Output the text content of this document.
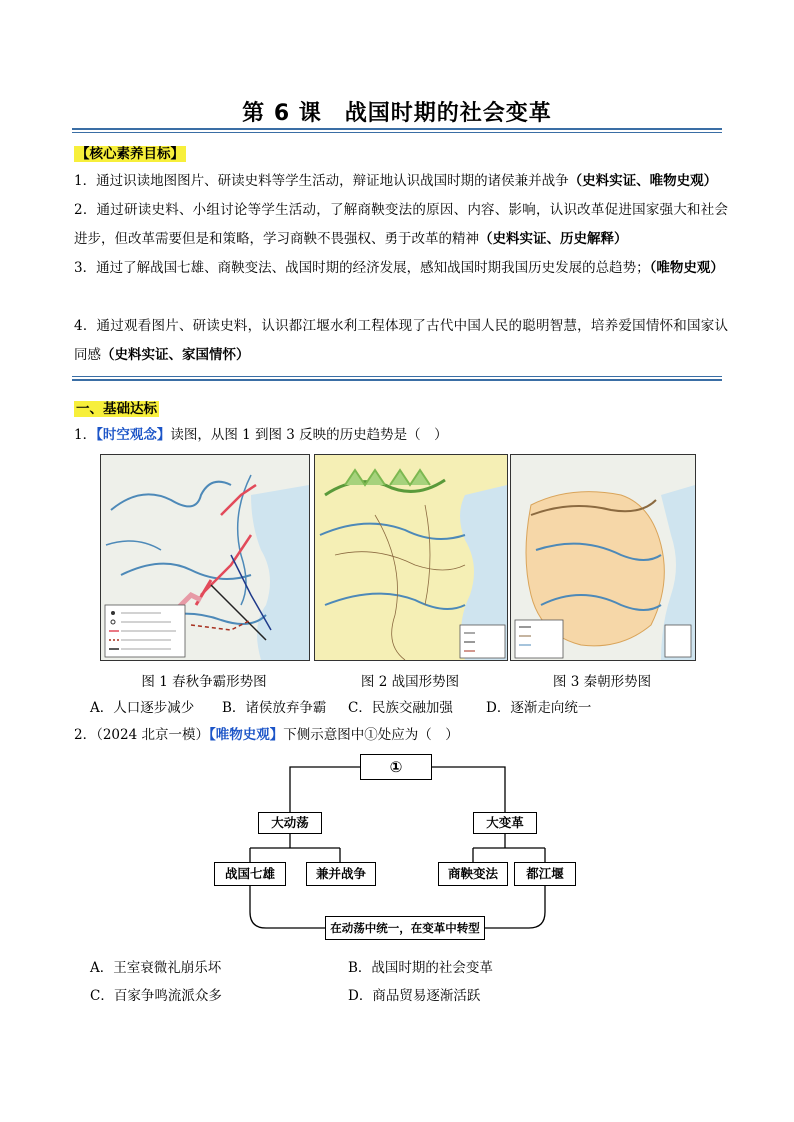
第 6 课　战国时期的社会变革
【核心素养目标】
1．通过识读地图图片、研读史料等学生活动，辩证地认识战国时期的诸侯兼并战争（史料实证、唯物史观）
2．通过研读史料、小组讨论等学生活动，了解商鞅变法的原因、内容、影响，认识改革促进国家强大和社会进步，但改革需要但是和策略，学习商鞅不畏强权、勇于改革的精神（史料实证、历史解释）
3．通过了解战国七雄、商鞅变法、战国时期的经济发展，感知战国时期我国历史发展的总趋势；（唯物史观）
4．通过观看图片、研读史料，认识都江堰水利工程体现了古代中国人民的聪明智慧，培养爱国情怀和国家认同感（史料实证、家国情怀）
一、基础达标
1．【时空观念】读图，从图 1 到图 3 反映的历史趋势是（　）
图 1 春秋争霸形势图	图 2 战国形势图	图 3 秦朝形势图
A．人口逐步减少 B．诸侯放弃争霸 C．民族交融加强 D．逐渐走向统一
2．（2024 北京一模）【唯物史观】下侧示意图中①处应为（　）
①
大动荡	大变革
战国七雄	兼并战争	商鞅变法	都江堰
在动荡中统一，在变革中转型
A．王室衰微礼崩乐坏	B．战国时期的社会变革
C．百家争鸣流派众多	D．商品贸易逐渐活跃
